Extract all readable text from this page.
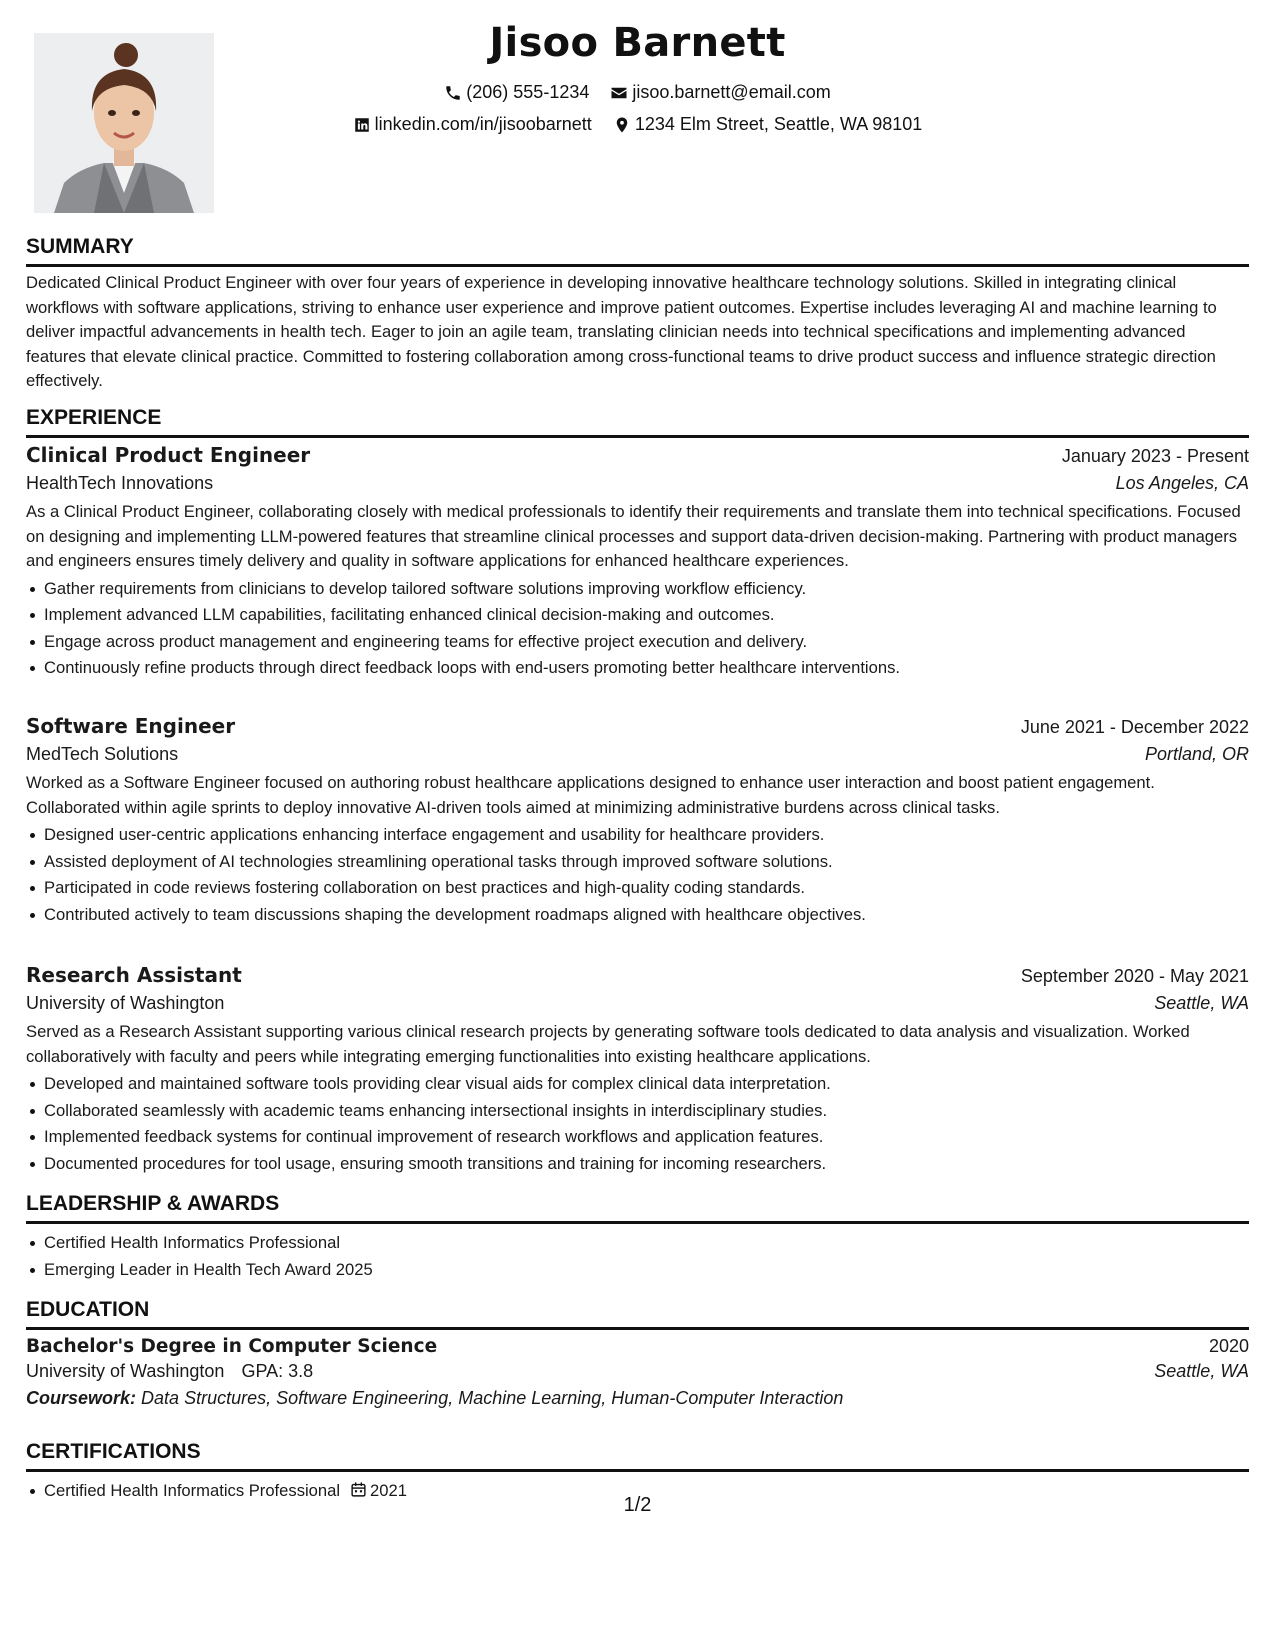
Jisoo Barnett
(206) 555-1234
jisoo.barnett@email.com
linkedin.com/in/jisoobarnett
1234 Elm Street, Seattle, WA 98101
SUMMARY
Dedicated Clinical Product Engineer with over four years of experience in developing innovative healthcare technology solutions. Skilled in integrating clinical workflows with software applications, striving to enhance user experience and improve patient outcomes. Expertise includes leveraging AI and machine learning to deliver impactful advancements in health tech. Eager to join an agile team, translating clinician needs into technical specifications and implementing advanced features that elevate clinical practice. Committed to fostering collaboration among cross-functional teams to drive product success and influence strategic direction effectively.
EXPERIENCE
Clinical Product Engineer	January 2023 - Present
HealthTech Innovations	Los Angeles, CA
As a Clinical Product Engineer, collaborating closely with medical professionals to identify their requirements and translate them into technical specifications. Focused on designing and implementing LLM-powered features that streamline clinical processes and support data-driven decision-making. Partnering with product managers and engineers ensures timely delivery and quality in software applications for enhanced healthcare experiences.
Gather requirements from clinicians to develop tailored software solutions improving workflow efficiency.
Implement advanced LLM capabilities, facilitating enhanced clinical decision-making and outcomes.
Engage across product management and engineering teams for effective project execution and delivery.
Continuously refine products through direct feedback loops with end-users promoting better healthcare interventions.
Software Engineer	June 2021 - December 2022
MedTech Solutions	Portland, OR
Worked as a Software Engineer focused on authoring robust healthcare applications designed to enhance user interaction and boost patient engagement. Collaborated within agile sprints to deploy innovative AI-driven tools aimed at minimizing administrative burdens across clinical tasks.
Designed user-centric applications enhancing interface engagement and usability for healthcare providers.
Assisted deployment of AI technologies streamlining operational tasks through improved software solutions.
Participated in code reviews fostering collaboration on best practices and high-quality coding standards.
Contributed actively to team discussions shaping the development roadmaps aligned with healthcare objectives.
Research Assistant	September 2020 - May 2021
University of Washington	Seattle, WA
Served as a Research Assistant supporting various clinical research projects by generating software tools dedicated to data analysis and visualization. Worked collaboratively with faculty and peers while integrating emerging functionalities into existing healthcare applications.
Developed and maintained software tools providing clear visual aids for complex clinical data interpretation.
Collaborated seamlessly with academic teams enhancing intersectional insights in interdisciplinary studies.
Implemented feedback systems for continual improvement of research workflows and application features.
Documented procedures for tool usage, ensuring smooth transitions and training for incoming researchers.
LEADERSHIP & AWARDS
Certified Health Informatics Professional
Emerging Leader in Health Tech Award 2025
EDUCATION
Bachelor's Degree in Computer Science	2020
University of Washington GPA: 3.8	Seattle, WA
Coursework: Data Structures, Software Engineering, Machine Learning, Human-Computer Interaction
CERTIFICATIONS
Certified Health Informatics Professional 2021
1/2
